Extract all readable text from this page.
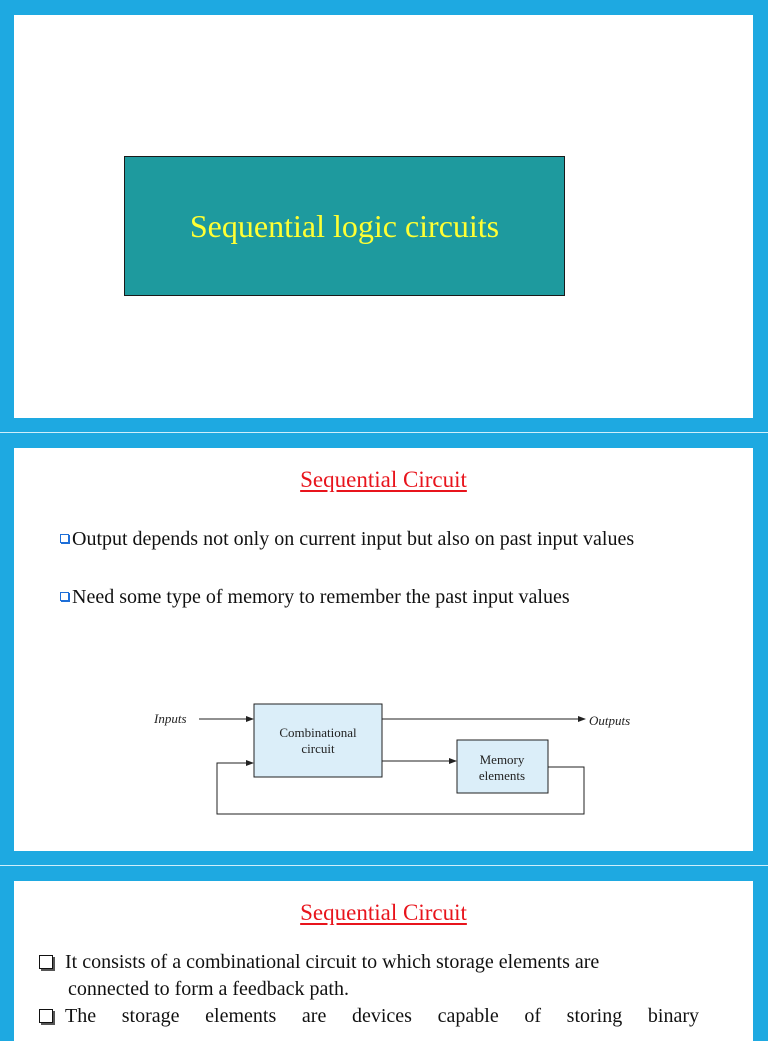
Sequential logic circuits
Sequential Circuit
Output depends not only on current input but also on past input values
Need some type of memory to remember the past input values
Inputs
Combinational
circuit
Outputs
Memory
elements
Sequential Circuit
It consists of a combinational circuit to which storage elements are
connected to form a feedback path.
The storage elements are devices capable of storing binary
